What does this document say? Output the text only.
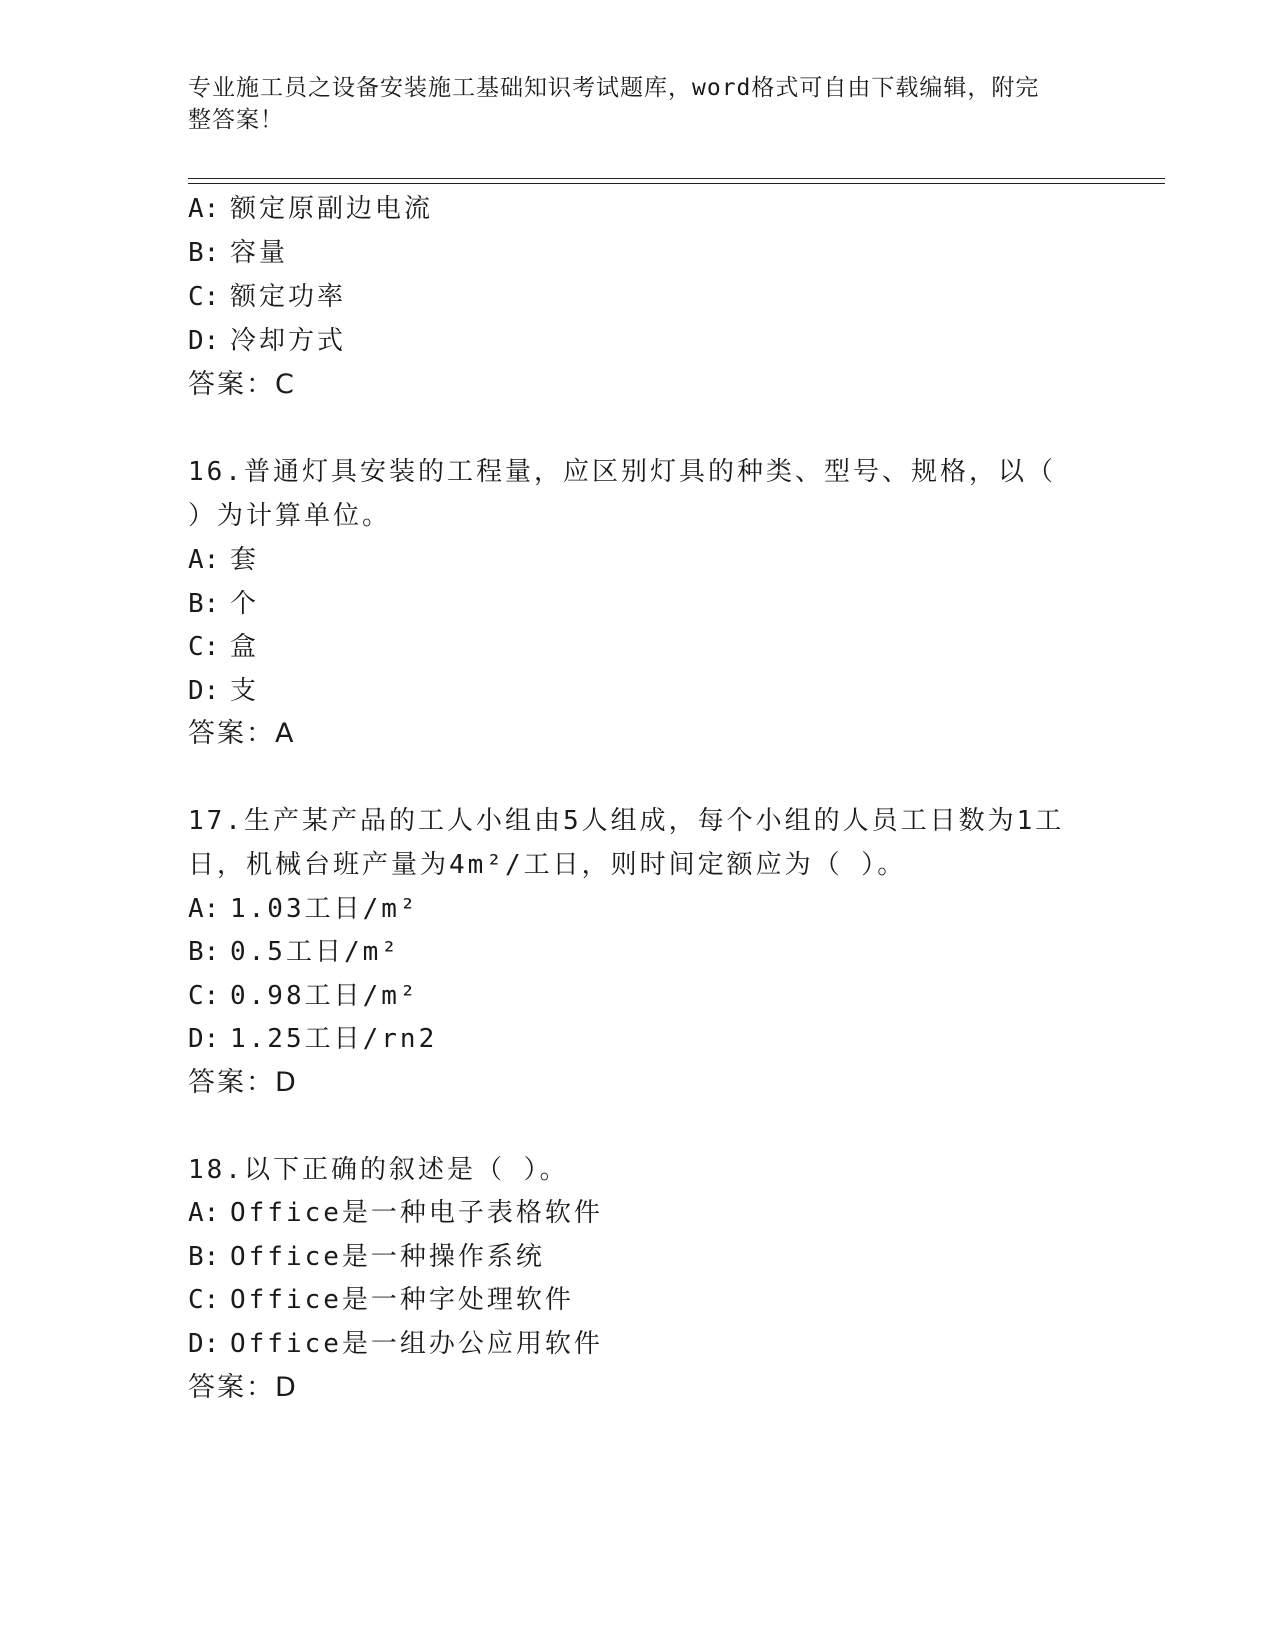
专业施工员之设备安装施工基础知识考试题库，word格式可自由下载编辑，附完
整答案！
A: 额定原副边电流
B: 容量
C: 额定功率
D: 冷却方式
答案：C
16.普通灯具安装的工程量，应区别灯具的种类、型号、规格，以（
）为计算单位。
A: 套
B: 个
C: 盒
D: 支
答案：A
17.生产某产品的工人小组由5人组成，每个小组的人员工日数为1工
日，机械台班产量为4m²/工日，则时间定额应为（ ）。
A: 1.03工日/m²
B: 0.5工日/m²
C: 0.98工日/m²
D: 1.25工日/rn2
答案：D
18.以下正确的叙述是（ ）。
A: Office是一种电子表格软件
B: Office是一种操作系统
C: Office是一种字处理软件
D: Office是一组办公应用软件
答案：D
